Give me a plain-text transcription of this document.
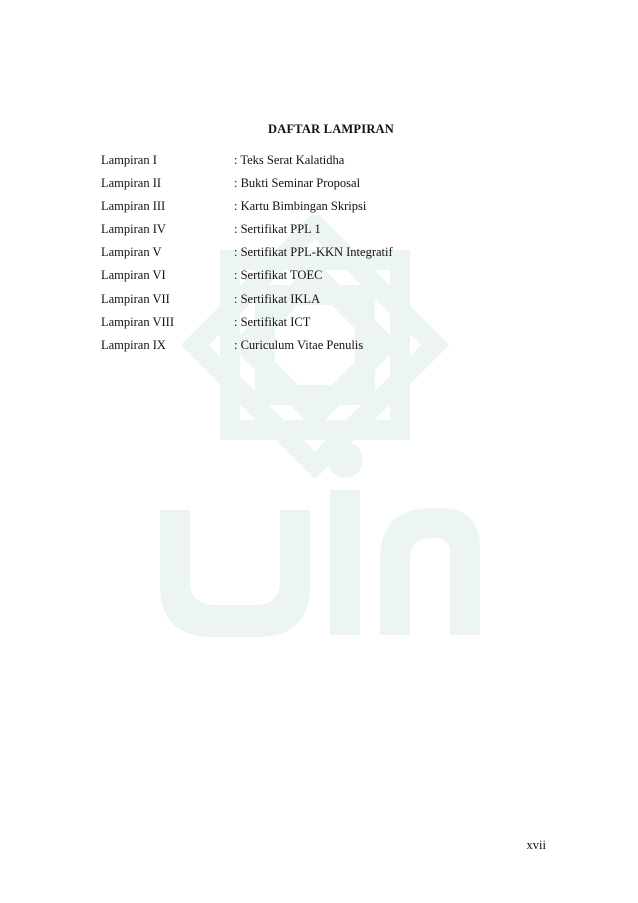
DAFTAR LAMPIRAN
Lampiran I	: Teks Serat Kalatidha
Lampiran II	: Bukti Seminar Proposal
Lampiran III	: Kartu Bimbingan Skripsi
Lampiran IV	: Sertifikat PPL 1
Lampiran V	: Sertifikat PPL-KKN Integratif
Lampiran VI	: Sertifikat TOEC
Lampiran VII	: Sertifikat IKLA
Lampiran VIII	: Sertifikat ICT
Lampiran IX	: Curiculum Vitae Penulis
xvii
